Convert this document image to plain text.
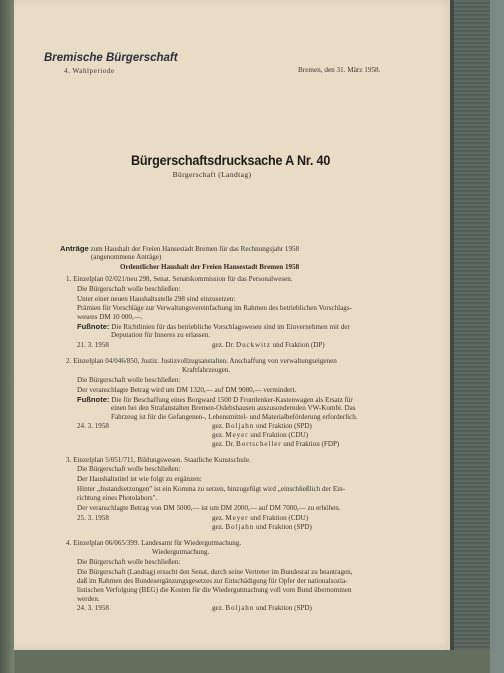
Bremische Bürgerschaft
4. Wahlperiode	Bremen, den 31. März 1958.
Bürgerschaftsdrucksache A Nr. 40
Bürgerschaft (Landtag)
Anträge zum Haushalt der Freien Hansestadt Bremen für das Rechnungsjahr 1958
(angenommene Anträge)
Ordentlicher Haushalt der Freien Hansestadt Bremen 1958
1. Einzelplan 02/021/neu 298, Senat. Senatskommission für das Personalwesen.
Die Bürgerschaft wolle beschließen:
Unter einer neuen Haushaltsstelle 298 sind einzusetzen:
Prämien für Vorschläge zur Verwaltungsvereinfachung im Rahmen des betrieblichen Vorschlags-
wesens DM 10 000,—.
Fußnote: Die Richtlinien für das betriebliche Vorschlagswesen sind im Einvernehmen mit der
Deputation für Inneres zu erlassen.
21. 3. 1958	gez. Dr. Duckwitz und Fraktion (DP)
2. Einzelplan 04/046/850, Justiz. Justizvollzugsanstalten. Anschaffung von verwaltungseigenen
Kraftfahrzeugen.
Die Bürgerschaft wolle beschließen:
Der veranschlagte Betrag wird um DM 1320,— auf DM 9080,— vermindert.
Fußnote: Die für Beschaffung eines Borgward 1500 D Frontlenker-Kastenwagen als Ersatz für
einen bei den Strafanstalten Bremen-Oslebshausen auszusondernden VW-Kombi. Das
Fahrzeug ist für die Gefangenen-, Lebensmittel- und Materialbeförderung erforderlich.
24. 3. 1958	gez. Boljahn und Fraktion (SPD)
gez. Meyer und Fraktion (CDU)
gez. Dr. Bortscheller und Fraktion (FDP)
3. Einzelplan 5/051/711, Bildungswesen. Staatliche Kunstschule.
Die Bürgerschaft wolle beschließen:
Der Haushaltstitel ist wie folgt zu ergänzen:
Hinter „Instandsetzungen" ist ein Komma zu setzen, hinzugefügt wird „einschließlich der Ein-
richtung eines Photolabors".
Der veranschlagte Betrag von DM 5000,— ist um DM 2000,— auf DM 7000,— zu erhöhen.
25. 3. 1958	gez. Meyer und Fraktion (CDU)
gez. Boljahn und Fraktion (SPD)
4. Einzelplan 06/065/399. Landesamt für Wiedergutmachung.
Wiedergutmachung.
Die Bürgerschaft wolle beschließen:
Die Bürgerschaft (Landtag) ersucht den Senat, durch seine Vertreter im Bundesrat zu beantragen,
daß im Rahmen des Bundesergänzungsgesetzes zur Entschädigung für Opfer der nationalsozia-
listischen Verfolgung (BEG) die Kosten für die Wiedergutmachung voll vom Bund übernommen
werden.
24. 3. 1958	gez. Boljahn und Fraktion (SPD)
